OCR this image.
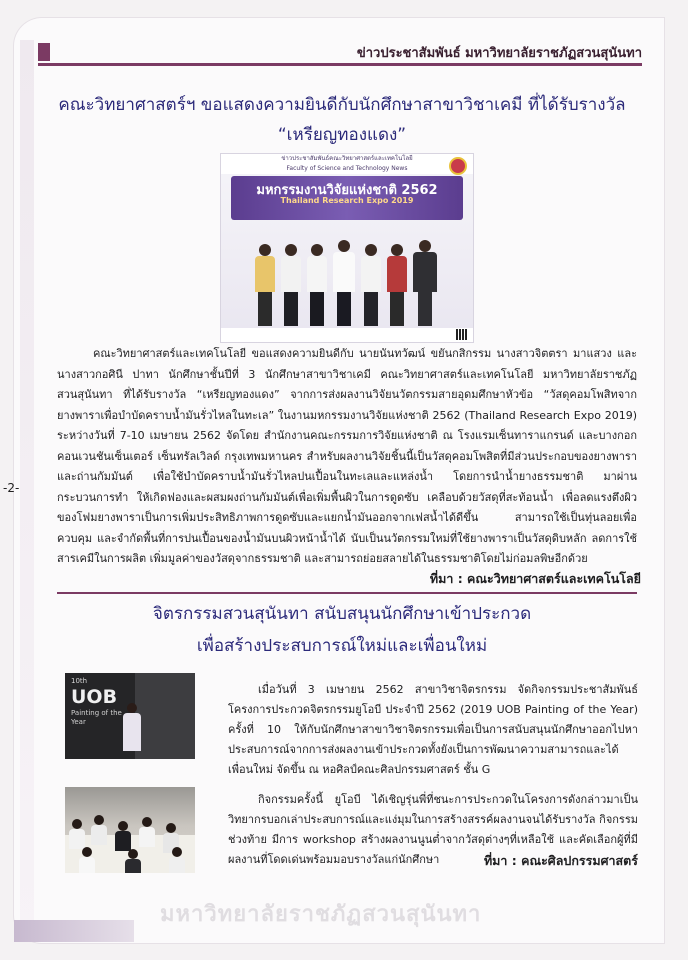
ข่าวประชาสัมพันธ์ มหาวิทยาลัยราชภัฏสวนสุนันทา
-2-
คณะวิทยาศาสตร์ฯ ขอแสดงความยินดีกับนักศึกษาสาขาวิชาเคมี ที่ได้รับรางวัล
“เหรียญทองแดง”
ข่าวประชาสัมพันธ์คณะวิทยาศาสตร์และเทคโนโลยี
Faculty of Science and Technology News
มหกรรมงานวิจัยแห่งชาติ 2562
Thailand Research Expo 2019
คณะวิทยาศาสตร์และเทคโนโลยี ขอแสดงความยินดีกับ นายนันทวัฒน์ ขยันกสิกรรม นางสาวจิตตรา มาแสวง และนางสาวกอศินี ปาทา นักศึกษาชั้นปีที่ 3 นักศึกษาสาขาวิชาเคมี คณะวิทยาศาสตร์และเทคโนโลยี มหาวิทยาลัยราชภัฏสวนสุนันทา ที่ได้รับรางวัล “เหรียญทองแดง” จากการส่งผลงานวิจัยนวัตกรรมสายอุดมศึกษาหัวข้อ “วัสดุคอมโพสิทจากยางพาราเพื่อบำบัดคราบน้ำมันรั่วไหลในทะเล” ในงานมหกรรมงานวิจัยแห่งชาติ 2562 (Thailand Research Expo 2019) ระหว่างวันที่ 7-10 เมษายน 2562 จัดโดย สำนักงานคณะกรรมการวิจัยแห่งชาติ ณ โรงแรมเซ็นทาราแกรนด์ และบางกอกคอนเวนชันเซ็นเตอร์ เซ็นทรัลเวิลด์ กรุงเทพมหานคร สำหรับผลงานวิจัยชิ้นนี้เป็นวัสดุคอมโพสิตที่มีส่วนประกอบของยางพาราและถ่านกัมมันต์ เพื่อใช้บำบัดคราบน้ำมันรั่วไหลปนเปื้อนในทะเลและแหล่งน้ำ โดยการนำน้ำยางธรรมชาติ มาผ่านกระบวนการทำ ให้เกิดฟองและผสมผงถ่านกัมมันต์เพื่อเพิ่มพื้นผิวในการดูดซับ เคลือบด้วยวัสดุที่สะท้อนน้ำ เพื่อลดแรงตึงผิวของโฟมยางพาราเป็นการเพิ่มประสิทธิภาพการดูดซับและแยกน้ำมันออกจากเฟสน้ำได้ดีขึ้น สามารถใช้เป็นทุ่นลอยเพื่อควบคุม และจำกัดพื้นที่การปนเปื้อนของน้ำมันบนผิวหน้าน้ำได้ นับเป็นนวัตกรรมใหม่ที่ใช้ยางพาราเป็นวัสดุดิบหลัก ลดการใช้สารเคมีในการผลิต เพิ่มมูลค่าของวัสดุจากธรรมชาติ และสามารถย่อยสลายได้ในธรรมชาติโดยไม่ก่อมลพิษอีกด้วย
ที่มา : คณะวิทยาศาสตร์และเทคโนโลยี
จิตรกรรมสวนสุนันทา สนับสนุนนักศึกษาเข้าประกวด
เพื่อสร้างประสบการณ์ใหม่และเพื่อนใหม่
10th
UOB
Painting of the Year
เมื่อวันที่ 3 เมษายน 2562 สาขาวิชาจิตรกรรม จัดกิจกรรมประชาสัมพันธ์โครงการประกวดจิตรกรรมยูโอบี ประจำปี 2562 (2019 UOB Painting of the Year) ครั้งที่ 10 ให้กับนักศึกษาสาขาวิชาจิตรกรรมเพื่อเป็นการสนับสนุนนักศึกษาออกไปหาประสบการณ์จากการส่งผลงานเข้าประกวดทั้งยังเป็นการพัฒนาความสามารถและได้เพื่อนใหม่ จัดขึ้น ณ หอศิลป์คณะศิลปกรรมศาสตร์ ชั้น G
กิจกรรมครั้งนี้ ยูโอบี ได้เชิญรุ่นพี่ที่ชนะการประกวดในโครงการดังกล่าวมาเป็นวิทยากรบอกเล่าประสบการณ์และแง่มุมในการสร้างสรรค์ผลงานจนได้รับรางวัล กิจกรรมช่วงท้าย มีการ workshop สร้างผลงานนูนต่ำจากวัสดุต่างๆที่เหลือใช้ และคัดเลือกผู้ที่มีผลงานที่โดดเด่นพร้อมมอบรางวัลแก่นักศึกษา	ที่มา : คณะศิลปกรรมศาสตร์
มหาวิทยาลัยราชภัฏสวนสุนันทา
